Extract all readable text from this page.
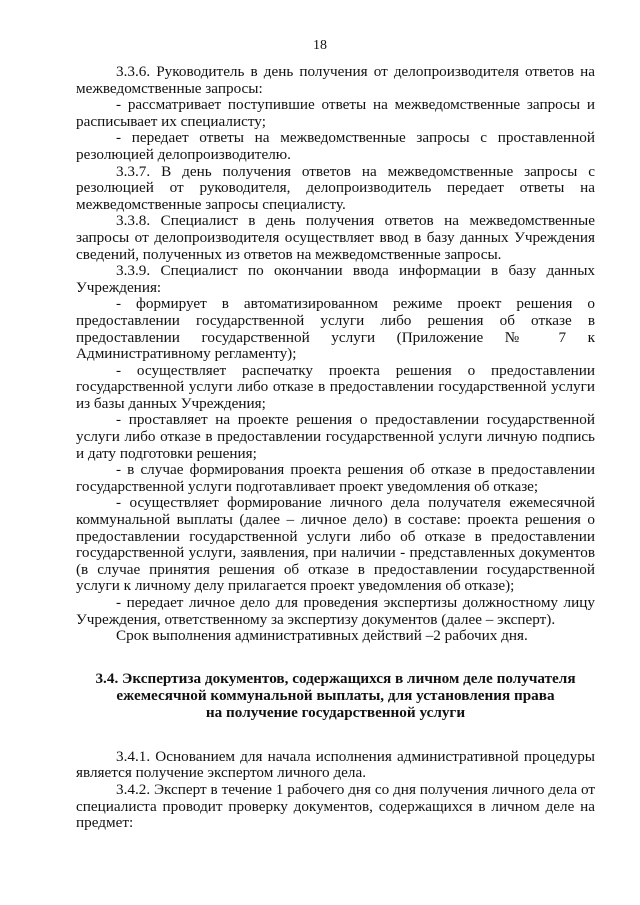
18

3.3.6. Руководитель в день получения от делопроизводителя ответов на межведомственные запросы:

- рассматривает поступившие ответы на межведомственные запросы и расписывает их специалисту;

- передает ответы на межведомственные запросы с проставленной резолюцией делопроизводителю.

3.3.7. В день получения ответов на межведомственные запросы с резолюцией от руководителя, делопроизводитель передает ответы на межведомственные запросы специалисту.

3.3.8. Специалист в день получения ответов на межведомственные запросы от делопроизводителя осуществляет ввод в базу данных Учреждения сведений, полученных из ответов на межведомственные запросы.

3.3.9. Специалист по окончании ввода информации в базу данных Учреждения:

- формирует в автоматизированном режиме проект решения о предоставлении государственной услуги либо решения об отказе в предоставлении государственной услуги (Приложение № 7 к Административному регламенту);

- осуществляет распечатку проекта решения о предоставлении государственной услуги либо отказе в предоставлении государственной услуги из базы данных Учреждения;

- проставляет на проекте решения о предоставлении государственной услуги либо отказе в предоставлении государственной услуги личную подпись и дату подготовки решения;

- в случае формирования проекта решения об отказе в предоставлении государственной услуги подготавливает проект уведомления об отказе;

- осуществляет формирование личного дела получателя ежемесячной коммунальной выплаты (далее – личное дело) в составе: проекта решения о предоставлении государственной услуги либо об отказе в предоставлении государственной услуги, заявления, при наличии - представленных документов (в случае принятия решения об отказе в предоставлении государственной услуги к личному делу прилагается проект уведомления об отказе);

- передает личное дело для проведения экспертизы должностному лицу Учреждения, ответственному за экспертизу документов (далее – эксперт).

Срок выполнения административных действий –2 рабочих дня.

3.4. Экспертиза документов, содержащихся в личном деле получателя
ежемесячной коммунальной выплаты, для установления права
на получение государственной услуги

3.4.1. Основанием для начала исполнения административной процедуры является получение экспертом личного дела.

3.4.2. Эксперт в течение 1 рабочего дня со дня получения личного дела от специалиста проводит проверку документов, содержащихся в личном деле на предмет:
